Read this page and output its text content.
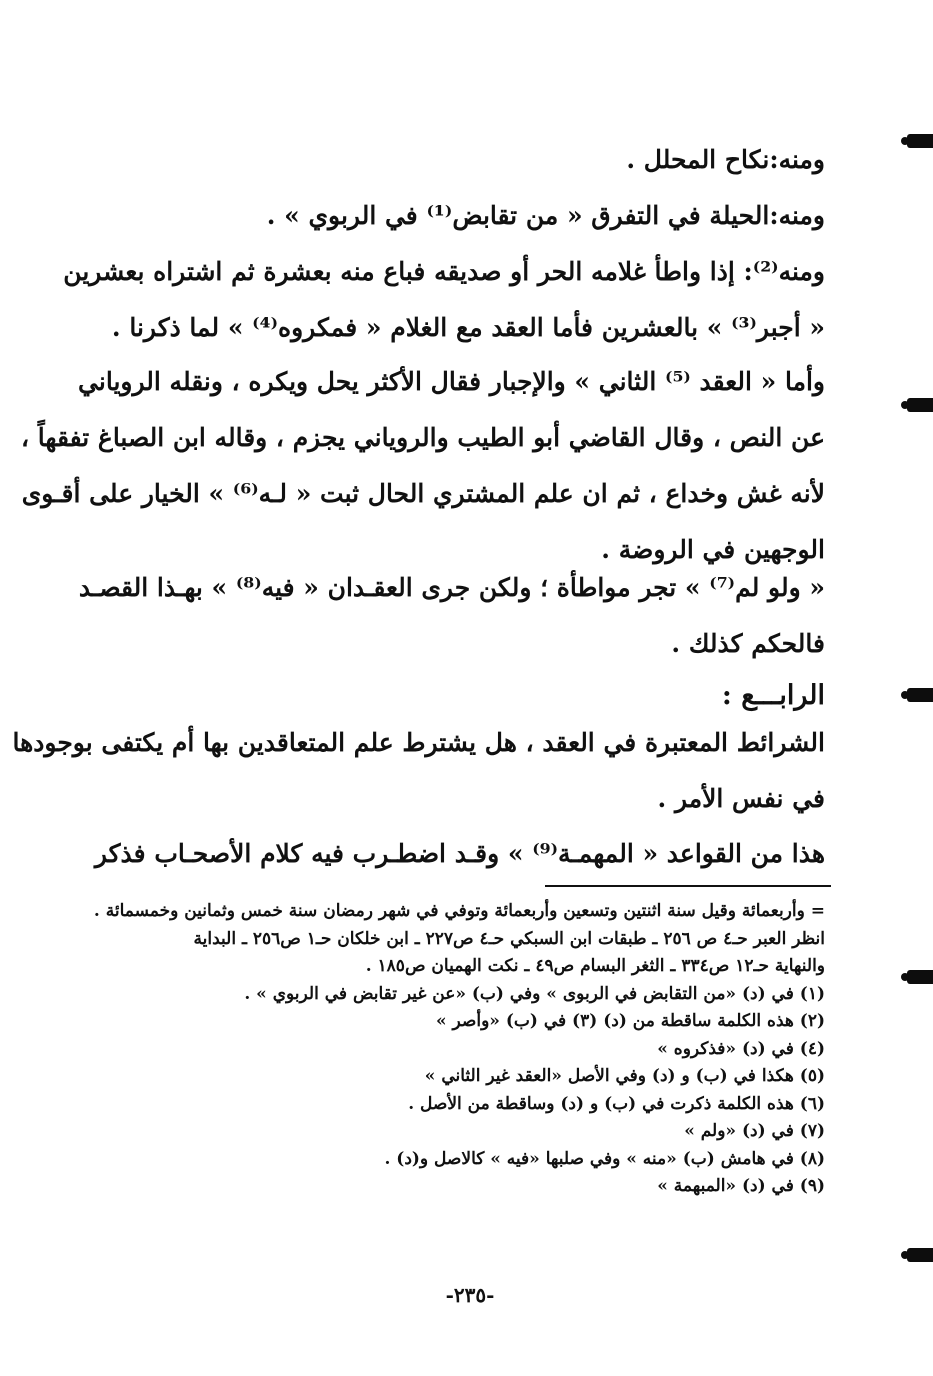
ومنه:نكاح المحلل .
ومنه:الحيلة في التفرق « من تقابض⁽¹⁾ في الربوي » .
ومنه⁽²⁾: إذا واطأ غلامه الحر أو صديقه فباع منه بعشرة ثم اشتراه بعشرين
« أجبر⁽³⁾ » بالعشرين فأما العقد مع الغلام « فمكروه⁽⁴⁾ » لما ذكرنا .
وأما « العقد ⁽⁵⁾ الثاني » والإجبار فقال الأكثر يحل ويكره ، ونقله الروياني
عن النص ، وقال القاضي أبو الطيب والروياني يجزم ، وقاله ابن الصباغ تفقهاً ،
لأنه غش وخداع ، ثم ان علم المشتري الحال ثبت « لـه⁽⁶⁾ » الخيار على أقـوى
الوجهين في الروضة .
« ولو لم⁽⁷⁾ » تجر مواطأة ؛ ولكن جرى العقـدان « فيه⁽⁸⁾ » بهـذا القصـد
فالحكم كذلك .
الرابـــع :
الشرائط المعتبرة في العقد ، هل يشترط علم المتعاقدين بها أم يكتفى بوجودها
في نفس الأمر .
هذا من القواعد « المهمـة⁽⁹⁾ » وقـد اضطـرب فيه كلام الأصحـاب فذكر
= وأربعمائة وقيل سنة اثنتين وتسعين وأربعمائة وتوفي في شهر رمضان سنة خمس وثمانين وخمسمائة .
انظر العبر حـ٤ ص ٢٥٦ ـ طبقات ابن السبكي حـ٤ ص٢٢٧ ـ ابن خلكان حـ١ ص٢٥٦ ـ البداية
والنهاية حـ١٢ ص٣٣٤ ـ الثغر البسام ص٤٩ ـ نكت الهميان ص١٨٥ .
(١) في (د) «من التقابض في الربوى » وفي (ب) «عن غير تقابض في الربوي » .
(٢) هذه الكلمة ساقطة من (د) (٣) في (ب) «وأصر »
(٤) في (د) «فذكروه »
(٥) هكذا في (ب) و (د) وفي الأصل «العقد غير الثاني »
(٦) هذه الكلمة ذكرت في (ب) و (د) وساقطة من الأصل .
(٧) في (د) «ولم »
(٨) في هامش (ب) «منه » وفي صلبها «فيه » كالاصل و(د) .
(٩) في (د) «المبهمة »
-٢٣٥-
